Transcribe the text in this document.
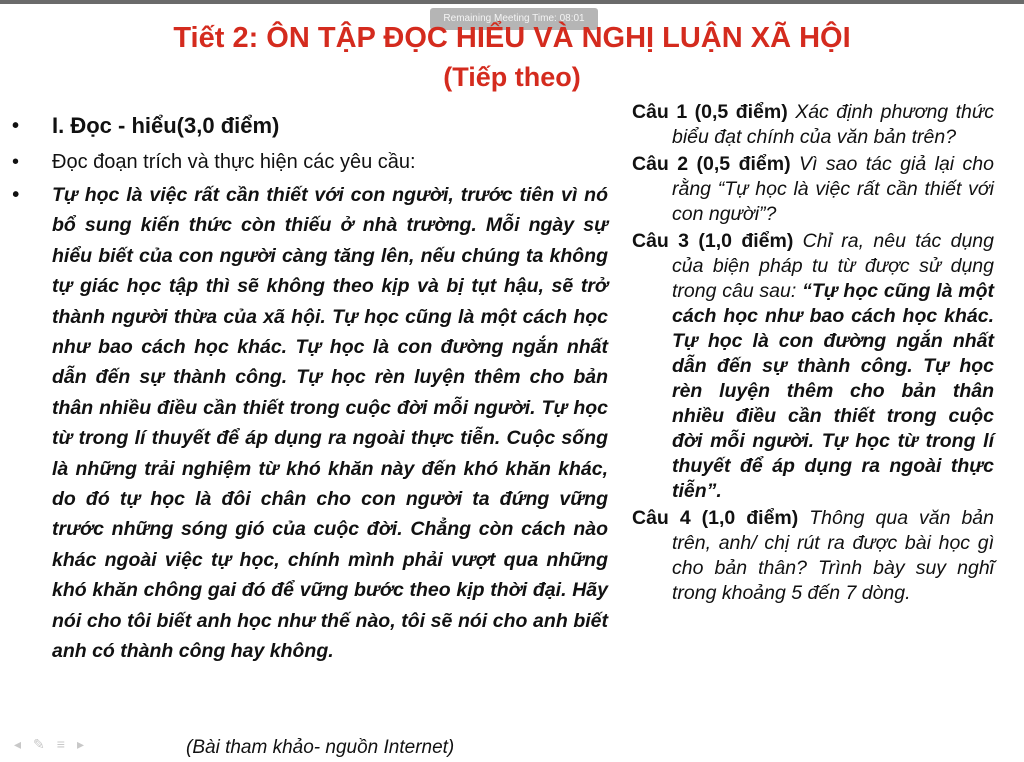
Remaining Meeting Time: 08:01
Tiết 2: ÔN TẬP ĐỌC HIỂU VÀ NGHỊ LUẬN XÃ HỘI
(Tiếp theo)
• I. Đọc - hiểu(3,0 điểm)
• Đọc đoạn trích và thực hiện các yêu cầu:
• Tự học là việc rất cần thiết với con người, trước tiên vì nó bổ sung kiến thức còn thiếu ở nhà trường. Mỗi ngày sự hiểu biết của con người càng tăng lên, nếu chúng ta không tự giác học tập thì sẽ không theo kịp và bị tụt hậu, sẽ trở thành người thừa của xã hội. Tự học cũng là một cách học như bao cách học khác. Tự học là con đường ngắn nhất dẫn đến sự thành công. Tự học rèn luyện thêm cho bản thân nhiều điều cần thiết trong cuộc đời mỗi người. Tự học từ trong lí thuyết để áp dụng ra ngoài thực tiễn. Cuộc sống là những trải nghiệm từ khó khăn này đến khó khăn khác, do đó tự học là đôi chân cho con người ta đứng vững trước những sóng gió của cuộc đời. Chẳng còn cách nào khác ngoài việc tự học, chính mình phải vượt qua những khó khăn chông gai đó để vững bước theo kịp thời đại. Hãy nói cho tôi biết anh học như thế nào, tôi sẽ nói cho anh biết anh có thành công hay không.
(Bài tham khảo- nguồn Internet)

Câu 1 (0,5 điểm) Xác định phương thức biểu đạt chính của văn bản trên?

Câu 2 (0,5 điểm) Vì sao tác giả lại cho rằng “Tự học là việc rất cần thiết với con người”?

Câu 3 (1,0 điểm) Chỉ ra, nêu tác dụng của biện pháp tu từ được sử dụng trong câu sau: “Tự học cũng là một cách học như bao cách học khác. Tự học là con đường ngắn nhất dẫn đến sự thành công. Tự học rèn luyện thêm cho bản thân nhiều điều cần thiết trong cuộc đời mỗi người. Tự học từ trong lí thuyết để áp dụng ra ngoài thực tiễn”.

Câu 4 (1,0 điểm) Thông qua văn bản trên, anh/ chị rút ra được bài học gì cho bản thân? Trình bày suy nghĩ trong khoảng 5 đến 7 dòng.

◂✎≡▸
